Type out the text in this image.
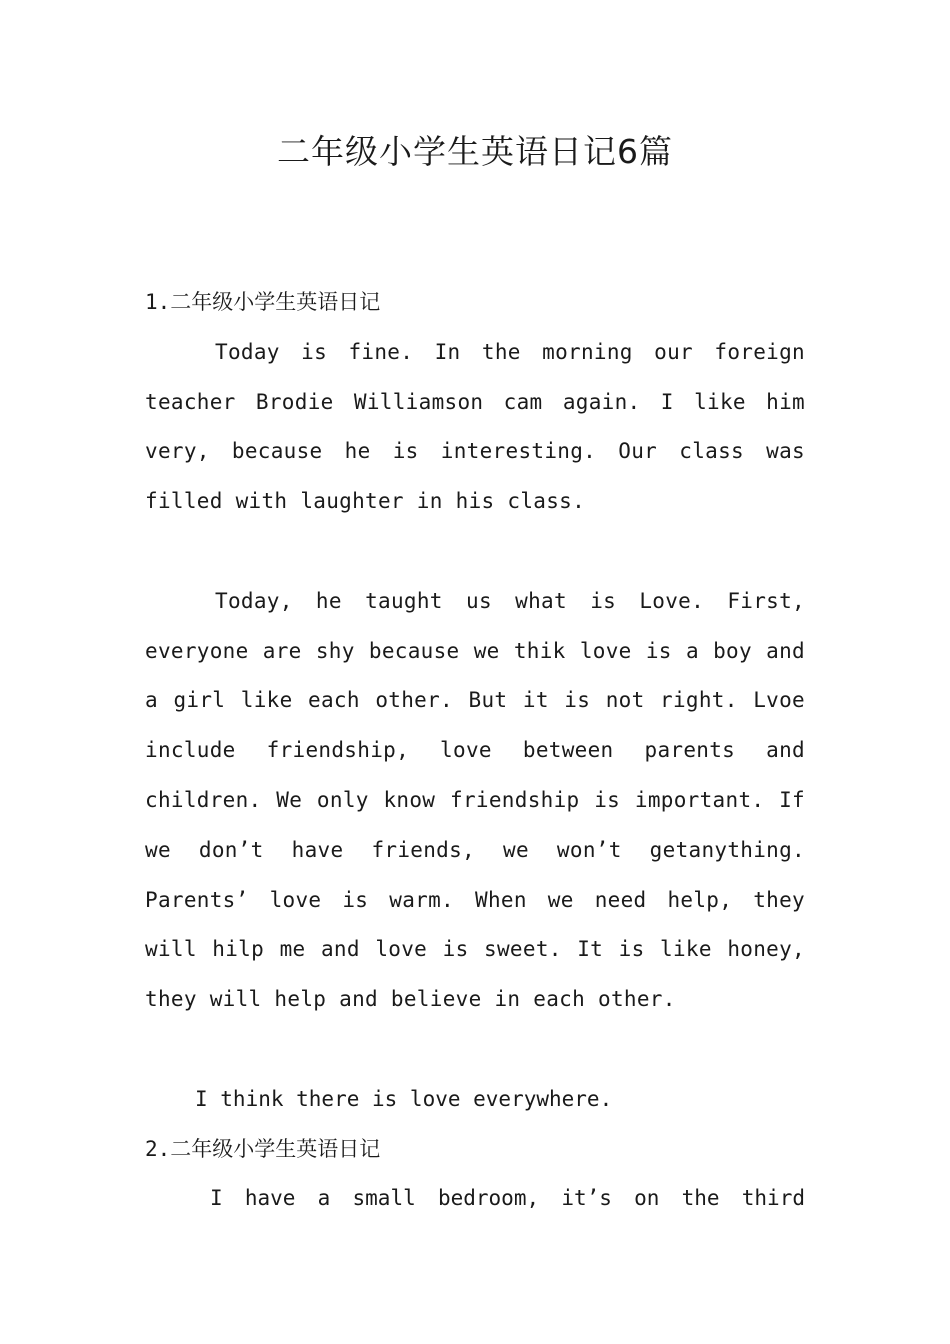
二年级小学生英语日记6篇
1.二年级小学生英语日记

Today is fine. In the morning our foreign teacher Brodie Williamson cam again. I like him very, because he is interesting. Our class was filled with laughter in his class.

Today, he taught us what is Love. First, everyone are shy because we thik love is a boy and a girl like each other. But it is not right. Lvoe include friendship, love between parents and children. We only know friendship is important. If we don’t have friends, we won’t getanything. Parents’ love is warm. When we need help, they will hilp me and love is sweet. It is like honey, they will help and believe in each other.

I think there is love everywhere.

2.二年级小学生英语日记

I have a small bedroom, it’s on the third
